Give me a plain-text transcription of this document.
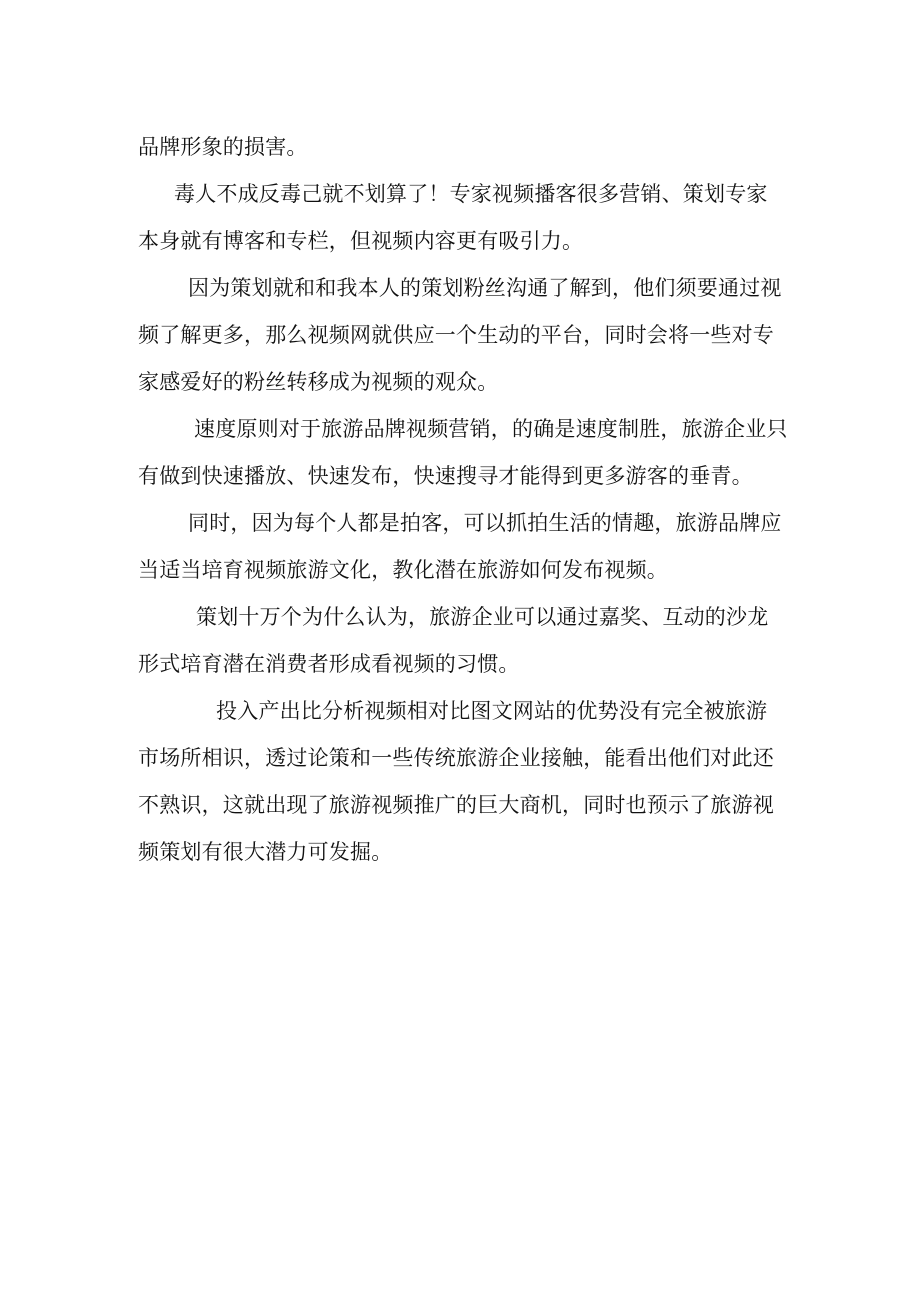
品牌形象的损害。

毒人不成反毒己就不划算了！专家视频播客很多营销、策划专家本身就有博客和专栏，但视频内容更有吸引力。

因为策划就和和我本人的策划粉丝沟通了解到，他们须要通过视频了解更多，那么视频网就供应一个生动的平台，同时会将一些对专家感爱好的粉丝转移成为视频的观众。

速度原则对于旅游品牌视频营销，的确是速度制胜，旅游企业只有做到快速播放、快速发布，快速搜寻才能得到更多游客的垂青。

同时，因为每个人都是拍客，可以抓拍生活的情趣，旅游品牌应当适当培育视频旅游文化，教化潜在旅游如何发布视频。

策划十万个为什么认为，旅游企业可以通过嘉奖、互动的沙龙形式培育潜在消费者形成看视频的习惯。

投入产出比分析视频相对比图文网站的优势没有完全被旅游市场所相识，透过论策和一些传统旅游企业接触，能看出他们对此还不熟识，这就出现了旅游视频推广的巨大商机，同时也预示了旅游视频策划有很大潜力可发掘。
